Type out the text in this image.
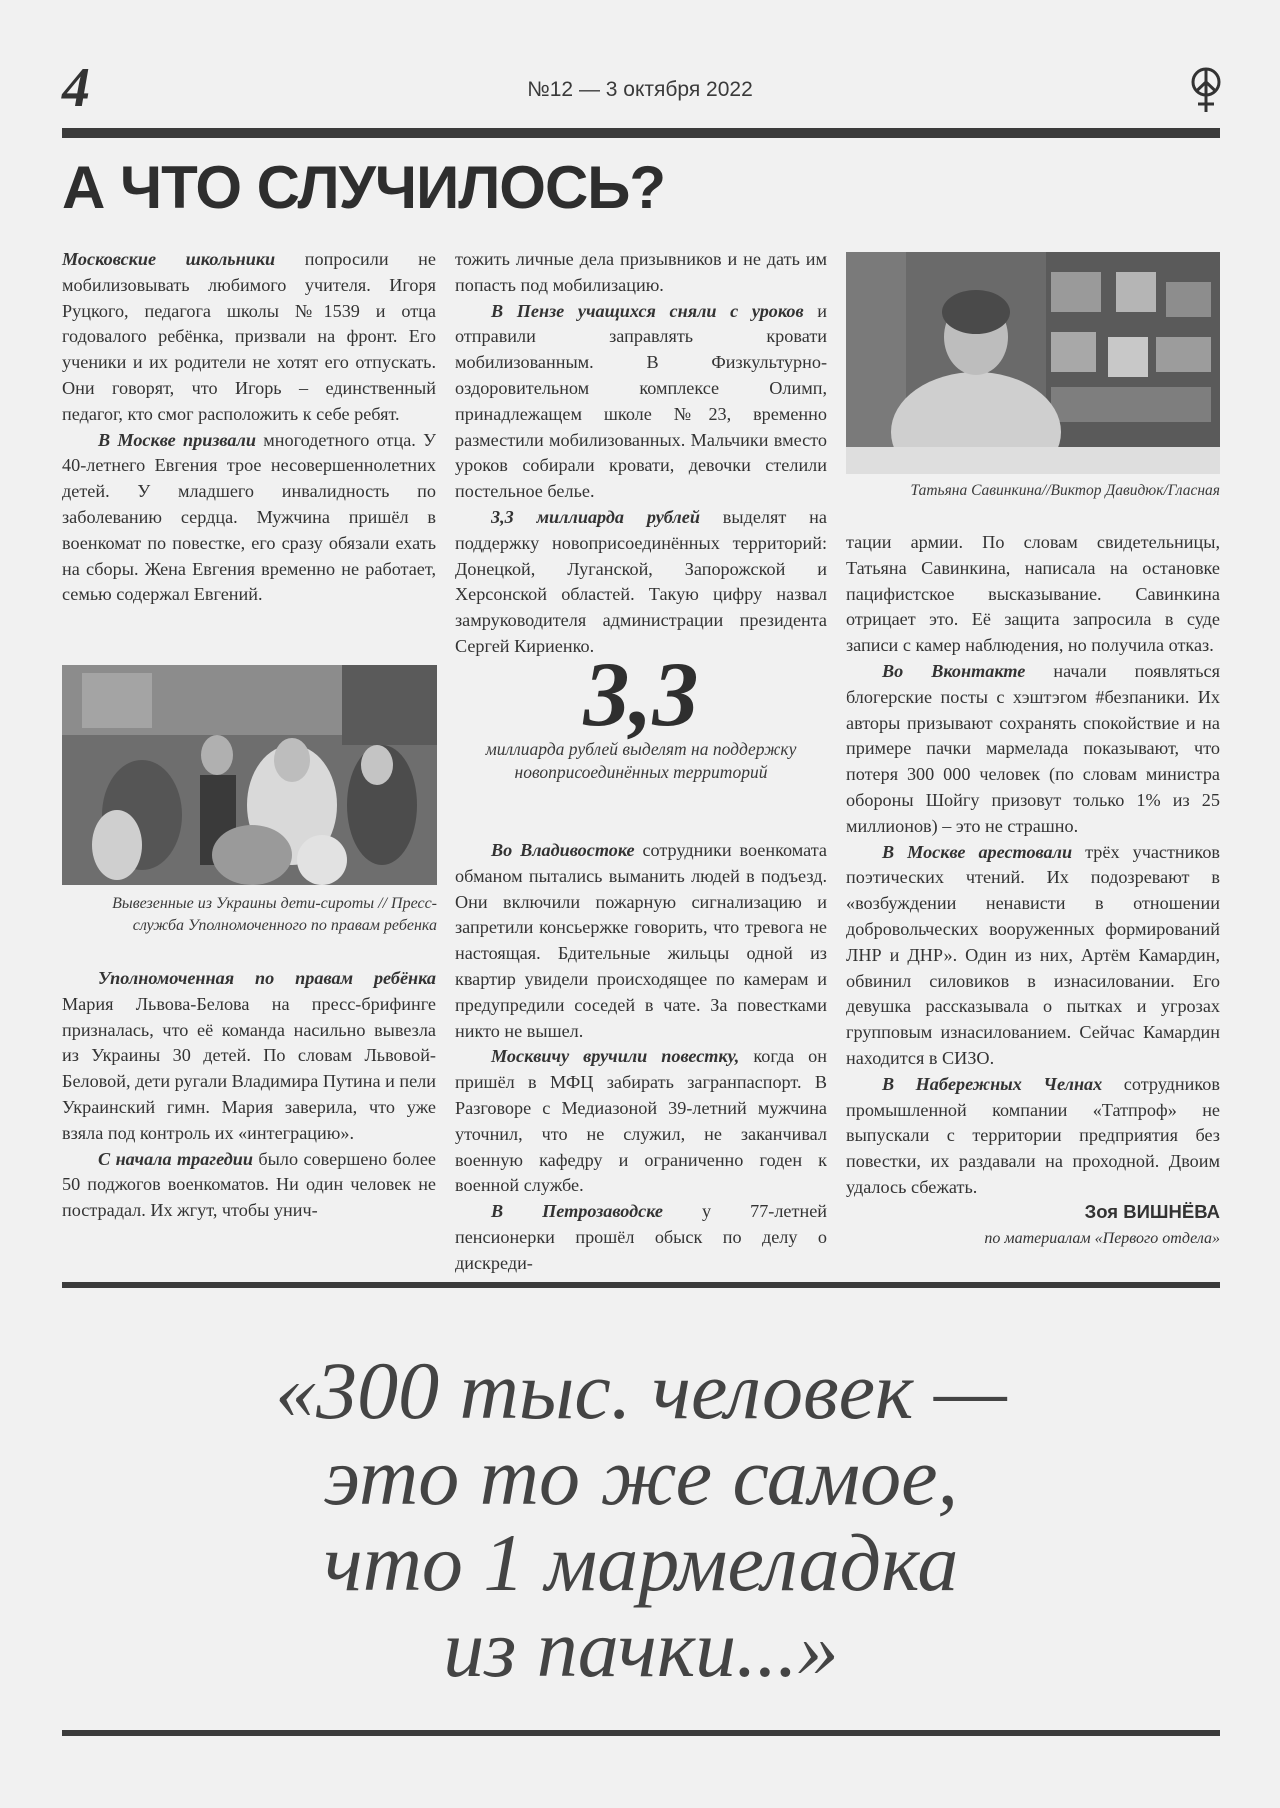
4	№12 — 3 октября 2022
А ЧТО СЛУЧИЛОСЬ?

Московские школьники попросили не мобилизовывать любимого учителя. Игоря Руцкого, педагога школы №1539 и отца годовалого ребёнка, призвали на фронт. Его ученики и их родители не хотят его отпускать. Они говорят, что Игорь – единственный педагог, кто смог расположить к себе ребят.

В Москве призвали многодетного отца. У 40-летнего Евгения трое несовершеннолетних детей. У младшего инвалидность по заболеванию сердца. Мужчина пришёл в военкомат по повестке, его сразу обязали ехать на сборы. Жена Евгения временно не работает, семью содержал Евгений.

Вывезенные из Украины дети-сироты // Пресс-служба Уполномоченного по правам ребенка

Уполномоченная по правам ребёнка Мария Львова-Белова на пресс-брифинге призналась, что её команда насильно вывезла из Украины 30 детей. По словам Львовой-Беловой, дети ругали Владимира Путина и пели Украинский гимн. Мария заверила, что уже взяла под контроль их «интеграцию».

С начала трагедии было совершено более 50 поджогов военкоматов. Ни один человек не пострадал. Их жгут, чтобы унич-

тожить личные дела призывников и не дать им попасть под мобилизацию.

В Пензе учащихся сняли с уроков и отправили заправлять кровати мобилизованным. В Физкультурно-оздоровительном комплексе Олимп, принадлежащем школе №23, временно разместили мобилизованных. Мальчики вместо уроков собирали кровати, девочки стелили постельное белье.

3,3 миллиарда рублей выделят на поддержку новоприсоединённых территорий: Донецкой, Луганской, Запорожской и Херсонской областей. Такую цифру назвал замруководителя администрации президента Сергей Кириенко.

3,3
миллиарда рублей выделят на поддержку новоприсоединённых территорий

Во Владивостоке сотрудники военкомата обманом пытались выманить людей в подъезд. Они включили пожарную сигнализацию и запретили консьержке говорить, что тревога не настоящая. Бдительные жильцы одной из квартир увидели происходящее по камерам и предупредили соседей в чате. За повестками никто не вышел.

Москвичу вручили повестку, когда он пришёл в МФЦ забирать загранпаспорт. В Разговоре с Медиазоной 39-летний мужчина уточнил, что не служил, не заканчивал военную кафедру и ограниченно годен к военной службе.

В Петрозаводске у 77-летней пенсионерки прошёл обыск по делу о дискреди-

Татьяна Савинкина//Виктор Давидюк/Гласная

тации армии. По словам свидетельницы, Татьяна Савинкина, написала на остановке пацифистское высказывание. Савинкина отрицает это. Её защита запросила в суде записи с камер наблюдения, но получила отказ.

Во Вконтакте начали появляться блогерские посты с хэштэгом #безпаники. Их авторы призывают сохранять спокойствие и на примере пачки мармелада показывают, что потеря 300 000 человек (по словам министра обороны Шойгу призовут только 1% из 25 миллионов) – это не страшно.

В Москве арестовали трёх участников поэтических чтений. Их подозревают в «возбуждении ненависти в отношении добровольческих вооруженных формирований ЛНР и ДНР». Один из них, Артём Камардин, обвинил силовиков в изнасиловании. Его девушка рассказывала о пытках и угрозах групповым изнасилованием. Сейчас Камардин находится в СИЗО.

В Набережных Челнах сотрудников промышленной компании «Татпроф» не выпускали с территории предприятия без повестки, их раздавали на проходной. Двоим удалось сбежать.

Зоя ВИШНЁВА
по материалам «Первого отдела»
«300 тыс. человек —
это то же самое,
что 1 мармеладка
из пачки...»
